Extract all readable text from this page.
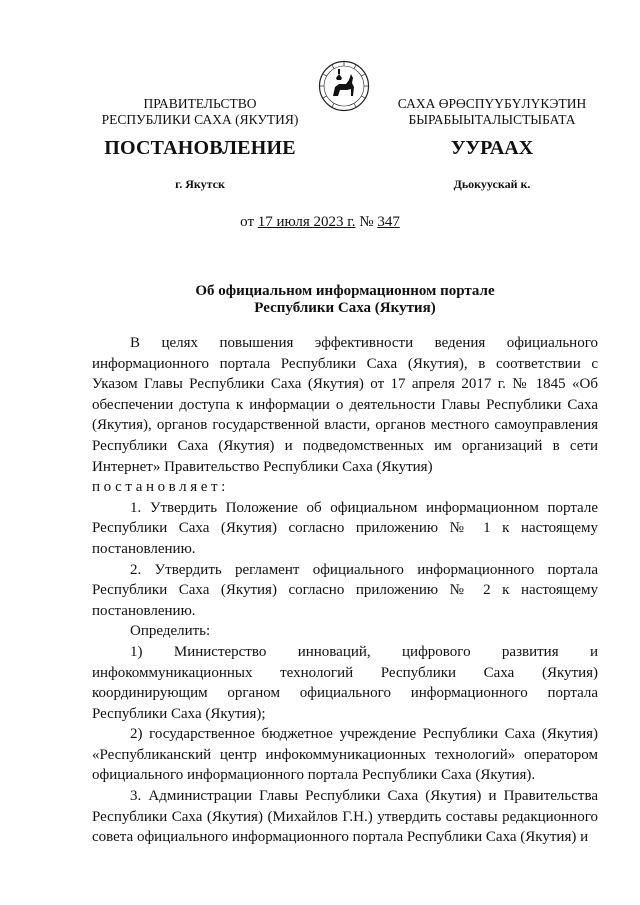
ПРАВИТЕЛЬСТВО
РЕСПУБЛИКИ САХА (ЯКУТИЯ)
САХА ӨРӨСПҮҮБҮЛҮКЭТИН
БЫРАБЫЫТАЛЫСТЫБАТА
ПОСТАНОВЛЕНИЕ	УУРААХ
г. Якутск	Дьокуускай к.
от 17 июля 2023 г. № 347
Об официальном информационном портале
Республики Саха (Якутия)

В целях повышения эффективности ведения официального информационного портала Республики Саха (Якутия), в соответствии с Указом Главы Республики Саха (Якутия) от 17 апреля 2017 г. № 1845 «Об обеспечении доступа к информации о деятельности Главы Республики Саха (Якутия), органов государственной власти, органов местного самоуправления Республики Саха (Якутия) и подведомственных им организаций в сети Интернет» Правительство Республики Саха (Якутия)

постановляет:

1. Утвердить Положение об официальном информационном портале Республики Саха (Якутия) согласно приложению № 1 к настоящему постановлению.

2. Утвердить регламент официального информационного портала Республики Саха (Якутия) согласно приложению № 2 к настоящему постановлению.

Определить:

1) Министерство инноваций, цифрового развития и инфокоммуникационных технологий Республики Саха (Якутия) координирующим органом официального информационного портала Республики Саха (Якутия);

2) государственное бюджетное учреждение Республики Саха (Якутия) «Республиканский центр инфокоммуникационных технологий» оператором официального информационного портала Республики Саха (Якутия).

3. Администрации Главы Республики Саха (Якутия) и Правительства Республики Саха (Якутия) (Михайлов Г.Н.) утвердить составы редакционного совета официального информационного портала Республики Саха (Якутия) и
